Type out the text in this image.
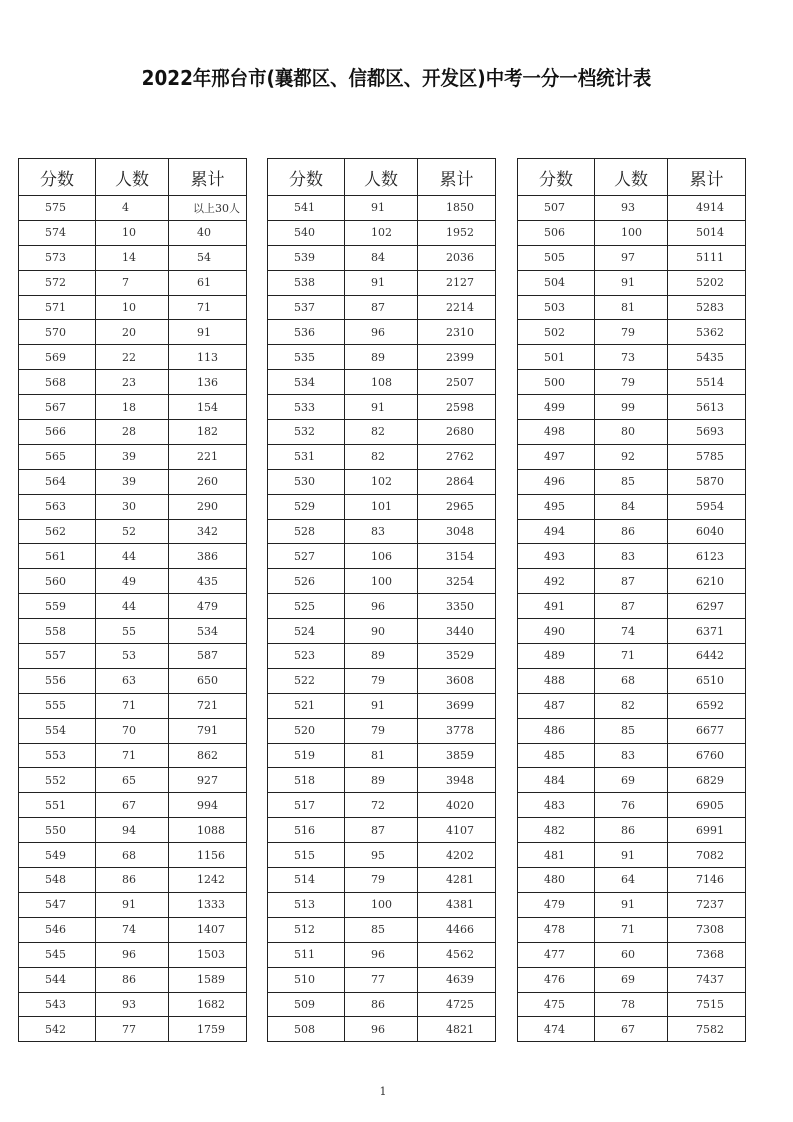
2022年邢台市(襄都区、信都区、开发区)中考一分一档统计表
分数	人数	累计
575	4	以上30人
574	10	40
573	14	54
572	7	61
571	10	71
570	20	91
569	22	113
568	23	136
567	18	154
566	28	182
565	39	221
564	39	260
563	30	290
562	52	342
561	44	386
560	49	435
559	44	479
558	55	534
557	53	587
556	63	650
555	71	721
554	70	791
553	71	862
552	65	927
551	67	994
550	94	1088
549	68	1156
548	86	1242
547	91	1333
546	74	1407
545	96	1503
544	86	1589
543	93	1682
542	77	1759
分数	人数	累计
541	91	1850
540	102	1952
539	84	2036
538	91	2127
537	87	2214
536	96	2310
535	89	2399
534	108	2507
533	91	2598
532	82	2680
531	82	2762
530	102	2864
529	101	2965
528	83	3048
527	106	3154
526	100	3254
525	96	3350
524	90	3440
523	89	3529
522	79	3608
521	91	3699
520	79	3778
519	81	3859
518	89	3948
517	72	4020
516	87	4107
515	95	4202
514	79	4281
513	100	4381
512	85	4466
511	96	4562
510	77	4639
509	86	4725
508	96	4821
分数	人数	累计
507	93	4914
506	100	5014
505	97	5111
504	91	5202
503	81	5283
502	79	5362
501	73	5435
500	79	5514
499	99	5613
498	80	5693
497	92	5785
496	85	5870
495	84	5954
494	86	6040
493	83	6123
492	87	6210
491	87	6297
490	74	6371
489	71	6442
488	68	6510
487	82	6592
486	85	6677
485	83	6760
484	69	6829
483	76	6905
482	86	6991
481	91	7082
480	64	7146
479	91	7237
478	71	7308
477	60	7368
476	69	7437
475	78	7515
474	67	7582
1
